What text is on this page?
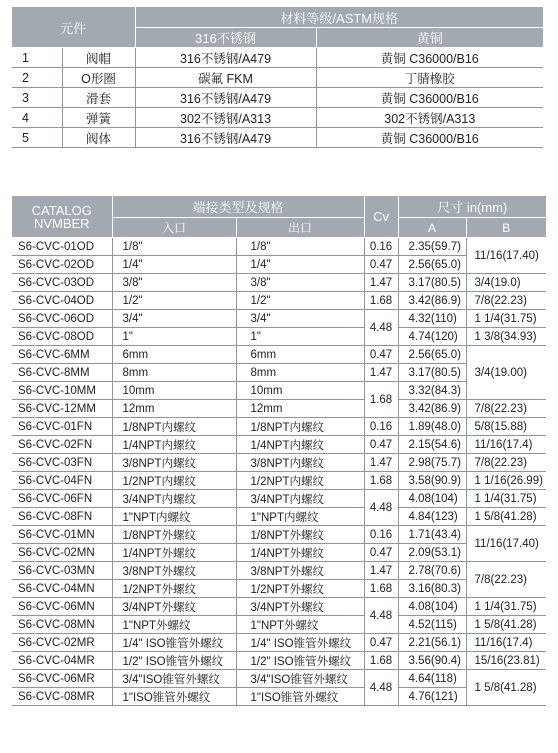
元件		材料等级/ASTM规格	
		316不锈钢	黄铜
1	阀帽	316不锈钢/A479	黄铜 C36000/B16
2	O形圈	碳氟 FKM	丁腈橡胶
3	滑套	316不锈钢/A479	黄铜 C36000/B16
4	弹簧	302不锈钢/A313	302不锈钢/A313
5	阀体	316不锈钢/A479	黄铜 C36000/B16
CATALOG
NVMBER	端接类型及规格		Cv	尺寸 in(mm)	
	入口	出口		A	B
S6-CVC-01OD	1/8"	1/8"	0.16	2.35(59.7)	11/16(17.40)
S6-CVC-02OD	1/4"	1/4"	0.47	2.56(65.0)	
S6-CVC-03OD	3/8"	3/8"	1.47	3.17(80.5)	3/4(19.0)
S6-CVC-04OD	1/2"	1/2"	1.68	3.42(86.9)	7/8(22.23)
S6-CVC-06OD	3/4"	3/4"	4.48	4.32(110)	1 1/4(31.75)
S6-CVC-08OD	1"	1"		4.74(120)	1 3/8(34.93)
S6-CVC-6MM	6mm	6mm	0.47	2.56(65.0)	3/4(19.00)
S6-CVC-8MM	8mm	8mm	1.47	3.17(80.5)	
S6-CVC-10MM	10mm	10mm	1.68	3.32(84.3)	
S6-CVC-12MM	12mm	12mm		3.42(86.9)	7/8(22.23)
S6-CVC-01FN	1/8NPT内螺纹	1/8NPT内螺纹	0.16	1.89(48.0)	5/8(15.88)
S6-CVC-02FN	1/4NPT内螺纹	1/4NPT内螺纹	0.47	2.15(54.6)	11/16(17.4)
S6-CVC-03FN	3/8NPT内螺纹	3/8NPT内螺纹	1.47	2.98(75.7)	7/8(22.23)
S6-CVC-04FN	1/2NPT内螺纹	1/2NPT内螺纹	1.68	3.58(90.9)	1 1/16(26.99)
S6-CVC-06FN	3/4NPT内螺纹	3/4NPT内螺纹	4.48	4.08(104)	1 1/4(31.75)
S6-CVC-08FN	1"NPT内螺纹	1"NPT内螺纹		4.84(123)	1 5/8(41.28)
S6-CVC-01MN	1/8NPT外螺纹	1/8NPT外螺纹	0.16	1.71(43.4)	11/16(17.40)
S6-CVC-02MN	1/4NPT外螺纹	1/4NPT外螺纹	0.47	2.09(53.1)	
S6-CVC-03MN	3/8NPT外螺纹	3/8NPT外螺纹	1.47	2.78(70.6)	7/8(22.23)
S6-CVC-04MN	1/2NPT外螺纹	1/2NPT外螺纹	1.68	3.16(80.3)	
S6-CVC-06MN	3/4NPT外螺纹	3/4NPT外螺纹	4.48	4.08(104)	1 1/4(31.75)
S6-CVC-08MN	1"NPT外螺纹	1"NPT外螺纹		4.52(115)	1 5/8(41.28)
S6-CVC-02MR	1/4" ISO锥管外螺纹	1/4" ISO锥管外螺纹	0.47	2.21(56.1)	11/16(17.4)
S6-CVC-04MR	1/2" ISO锥管外螺纹	1/2" ISO锥管外螺纹	1.68	3.56(90.4)	15/16(23.81)
S6-CVC-06MR	3/4"ISO锥管外螺纹	3/4"ISO锥管外螺纹	4.48	4.64(118)	1 5/8(41.28)
S6-CVC-08MR	1"ISO锥管外螺纹	1"ISO锥管外螺纹		4.76(121)	
